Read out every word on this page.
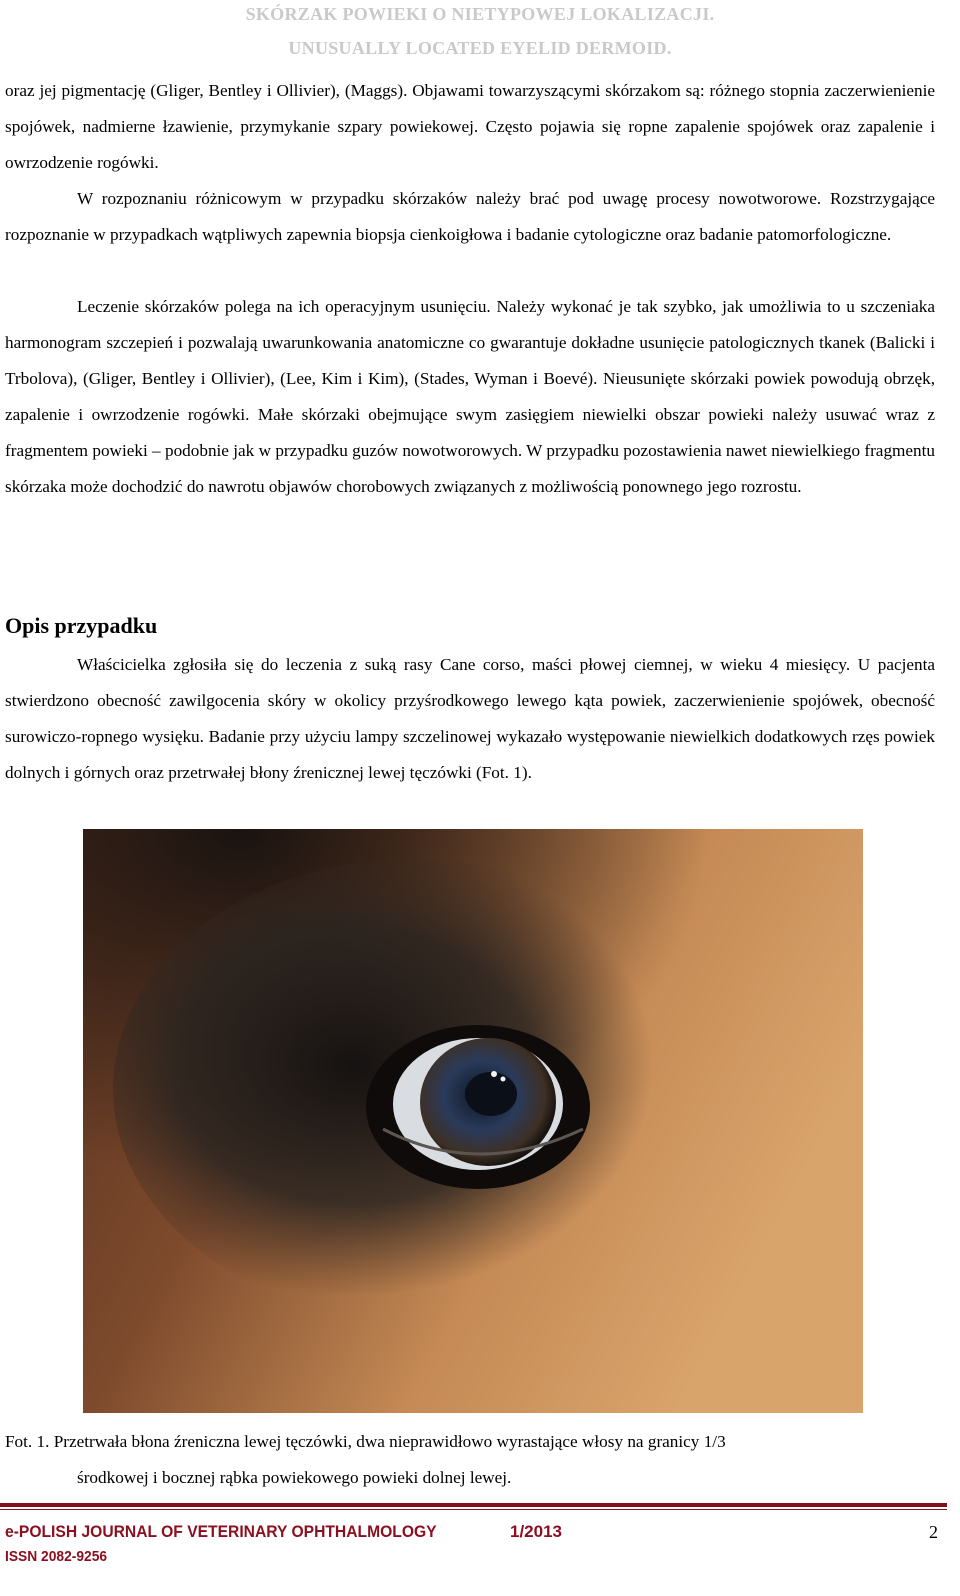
SKÓRZAK POWIEKI O NIETYPOWEJ LOKALIZACJI.
UNUSUALLY LOCATED EYELID DERMOID.

oraz jej pigmentację (Gliger, Bentley i Ollivier), (Maggs). Objawami towarzyszącymi skórzakom są: różnego stopnia zaczerwienienie spojówek, nadmierne łzawienie, przymykanie szpary powiekowej. Często pojawia się ropne zapalenie spojówek oraz zapalenie i owrzodzenie rogówki.

W rozpoznaniu różnicowym w przypadku skórzaków należy brać pod uwagę procesy nowotworowe. Rozstrzygające rozpoznanie w przypadkach wątpliwych zapewnia biopsja cienkoigłowa i badanie cytologiczne oraz badanie patomorfologiczne.

Leczenie skórzaków polega na ich operacyjnym usunięciu. Należy wykonać je tak szybko, jak umożliwia to u szczeniaka harmonogram szczepień i pozwalają uwarunkowania anatomiczne co gwarantuje dokładne usunięcie patologicznych tkanek (Balicki i Trbolova), (Gliger, Bentley i Ollivier), (Lee, Kim i Kim), (Stades, Wyman i Boevé). Nieusunięte skórzaki powiek powodują obrzęk, zapalenie i owrzodzenie rogówki. Małe skórzaki obejmujące swym zasięgiem niewielki obszar powieki należy usuwać wraz z fragmentem powieki – podobnie jak w przypadku guzów nowotworowych. W przypadku pozostawienia nawet niewielkiego fragmentu skórzaka może dochodzić do nawrotu objawów chorobowych związanych z możliwością ponownego jego rozrostu.

Opis przypadku

Właścicielka zgłosiła się do leczenia z suką rasy Cane corso, maści płowej ciemnej, w wieku 4 miesięcy. U pacjenta stwierdzono obecność zawilgocenia skóry w okolicy przyśrodkowego lewego kąta powiek, zaczerwienienie spojówek, obecność surowiczo-ropnego wysięku. Badanie przy użyciu lampy szczelinowej wykazało występowanie niewielkich dodatkowych rzęs powiek dolnych i górnych oraz przetrwałej błony źrenicznej lewej tęczówki (Fot. 1).

Fot. 1. Przetrwała błona źreniczna lewej tęczówki, dwa nieprawidłowo wyrastające włosy na granicy 1/3
środkowej i bocznej rąbka powiekowego powieki dolnej lewej.
e-POLISH JOURNAL OF VETERINARY OPHTHALMOLOGY	1/2013	2
ISSN 2082-9256
